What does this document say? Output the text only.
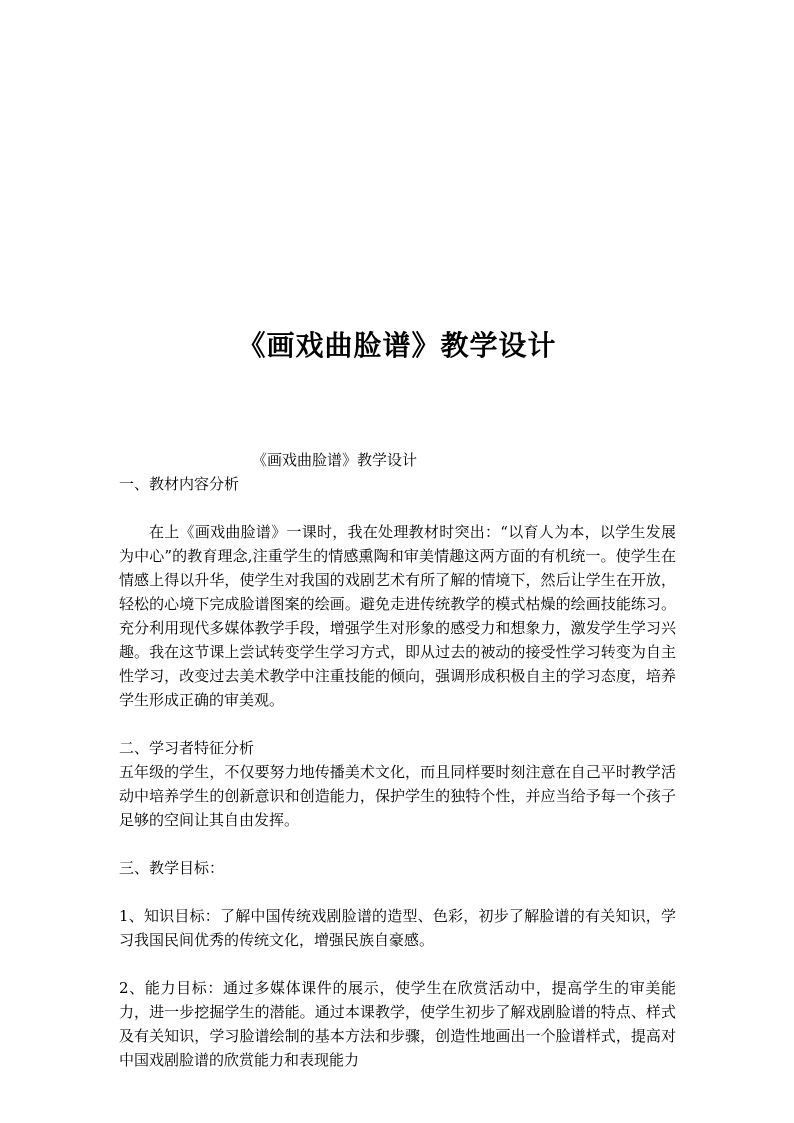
《画戏曲脸谱》教学设计

《画戏曲脸谱》教学设计

一、教材内容分析

在上《画戏曲脸谱》一课时，我在处理教材时突出：“以育人为本，以学生发展为中心”的教育理念,注重学生的情感熏陶和审美情趣这两方面的有机统一。使学生在情感上得以升华，使学生对我国的戏剧艺术有所了解的情境下，然后让学生在开放，轻松的心境下完成脸谱图案的绘画。避免走进传统教学的模式枯燥的绘画技能练习。充分利用现代多媒体教学手段，增强学生对形象的感受力和想象力，激发学生学习兴趣。我在这节课上尝试转变学生学习方式，即从过去的被动的接受性学习转变为自主性学习，改变过去美术教学中注重技能的倾向，强调形成积极自主的学习态度，培养学生形成正确的审美观。

二、学习者特征分析

五年级的学生，不仅要努力地传播美术文化，而且同样要时刻注意在自己平时教学活动中培养学生的创新意识和创造能力，保护学生的独特个性，并应当给予每一个孩子足够的空间让其自由发挥。

三、教学目标：

1、知识目标：了解中国传统戏剧脸谱的造型、色彩，初步了解脸谱的有关知识，学习我国民间优秀的传统文化，增强民族自豪感。

2、能力目标：通过多媒体课件的展示，使学生在欣赏活动中，提高学生的审美能力，进一步挖掘学生的潜能。通过本课教学，使学生初步了解戏剧脸谱的特点、样式及有关知识，学习脸谱绘制的基本方法和步骤，创造性地画出一个脸谱样式，提高对中国戏剧脸谱的欣赏能力和表现能力
